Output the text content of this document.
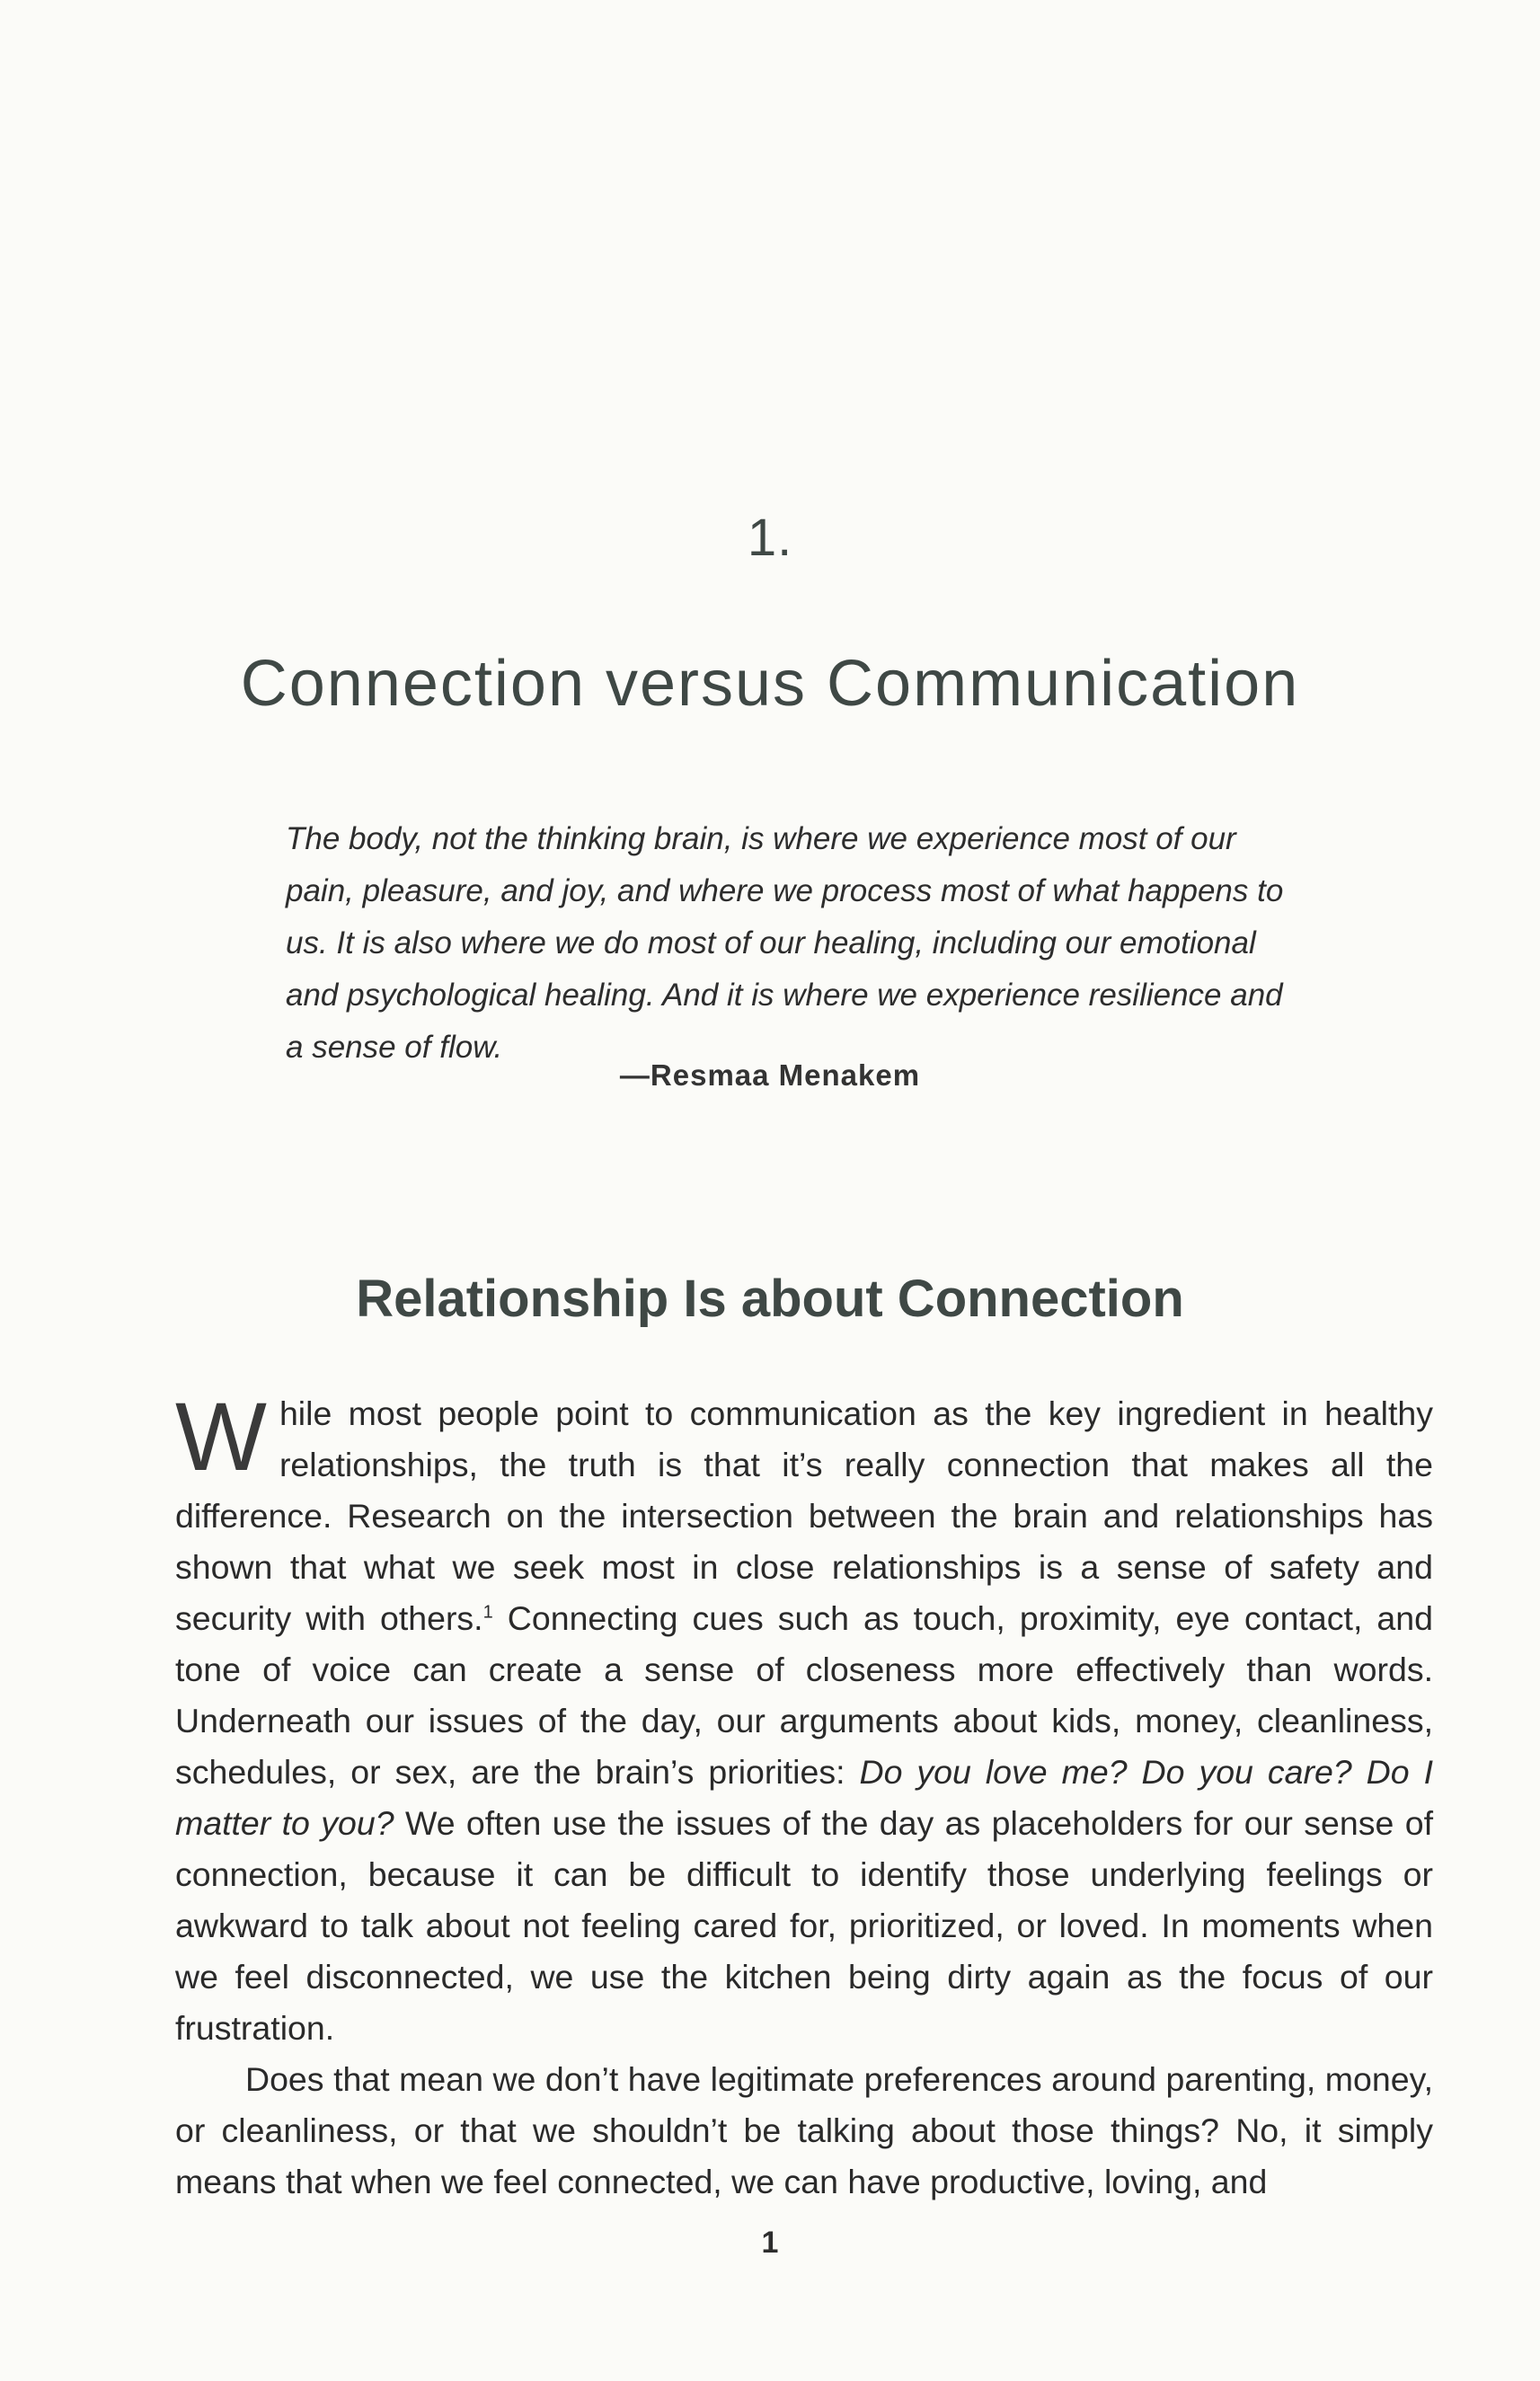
1.
Connection versus Communication
The body, not the thinking brain, is where we experience most of our pain, pleasure, and joy, and where we process most of what happens to us. It is also where we do most of our healing, including our emotional and psychological healing. And it is where we experience resilience and a sense of flow.
—Resmaa Menakem
Relationship Is about Connection

While most people point to communication as the key ingredient in healthy relationships, the truth is that it’s really connection that makes all the difference. Research on the intersection between the brain and relationships has shown that what we seek most in close relationships is a sense of safety and security with others.$^1$ Connecting cues such as touch, proximity, eye contact, and tone of voice can create a sense of closeness more effectively than words. Underneath our issues of the day, our arguments about kids, money, cleanliness, schedules, or sex, are the brain’s priorities: Do you love me? Do you care? Do I matter to you? We often use the issues of the day as placeholders for our sense of connection, because it can be difficult to identify those underlying feelings or awkward to talk about not feeling cared for, prioritized, or loved. In moments when we feel disconnected, we use the kitchen being dirty again as the focus of our frustration.

Does that mean we don’t have legitimate preferences around parenting, money, or cleanliness, or that we shouldn’t be talking about those things? No, it simply means that when we feel connected, we can have productive, loving, and

1
